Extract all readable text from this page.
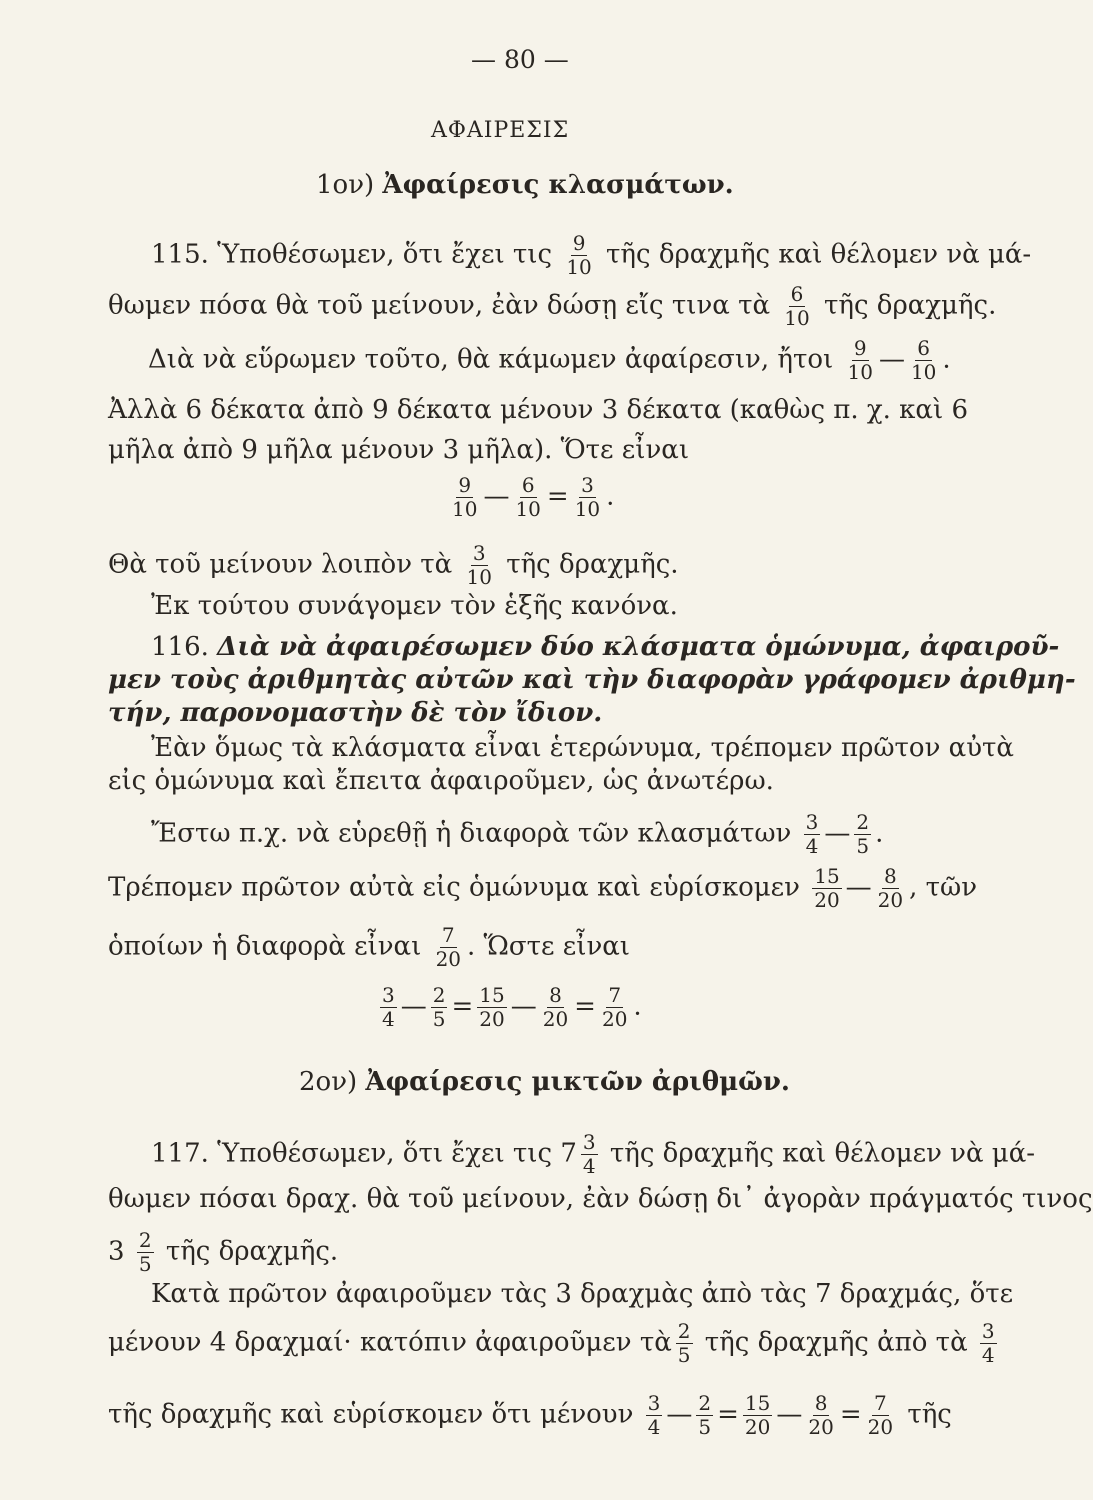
— 80 —
ΑΦΑΙΡΕΣΙΣ
1ον) Ἀφαίρεσις κλασμάτων.
115. Ὑποθέσωμεν, ὅτι ἔχει τις $\frac{9}{10}$ τῆς δραχμῆς καὶ θέλομεν νὰ μά-
θωμεν πόσα θὰ τοῦ μείνουν, ἐὰν δώσῃ εἴς τινα τὰ $\frac{6}{10}$ τῆς δραχμῆς.
Διὰ νὰ εὕρωμεν τοῦτο, θὰ κάμωμεν ἀφαίρεσιν, ἤτοι $\frac{9}{10}$ — $\frac{6}{10}$ .
Ἀλλὰ 6 δέκατα ἀπὸ 9 δέκατα μένουν 3 δέκατα (καθὼς π. χ. καὶ 6
μῆλα ἀπὸ 9 μῆλα μένουν 3 μῆλα). Ὅτε εἶναι
$\frac{9}{10}$ — $\frac{6}{10} = \frac{3}{10}$ .
Θὰ τοῦ μείνουν λοιπὸν τὰ $\frac{3}{10}$ τῆς δραχμῆς.
Ἐκ τούτου συνάγομεν τὸν ἑξῆς κανόνα.
116. Διὰ νὰ ἀφαιρέσωμεν δύο κλάσματα ὁμώνυμα, ἀφαιροῦ-
μεν τοὺς ἀριθμητὰς αὐτῶν καὶ τὴν διαφορὰν γράφομεν ἀριθμη-
τήν, παρονομαστὴν δὲ τὸν ἴδιον.
Ἐὰν ὅμως τὰ κλάσματα εἶναι ἑτερώνυμα, τρέπομεν πρῶτον αὐτὰ
εἰς ὁμώνυμα καὶ ἔπειτα ἀφαιροῦμεν, ὡς ἀνωτέρω.
Ἔστω π.χ. νὰ εὑρεθῇ ἡ διαφορὰ τῶν κλασμάτων $\frac{3}{4}$ — $\frac{2}{5}$ .
Τρέπομεν πρῶτον αὐτὰ εἰς ὁμώνυμα καὶ εὑρίσκομεν $\frac{15}{20}$ — $\frac{8}{20}$ , τῶν
ὁποίων ἡ διαφορὰ εἶναι $\frac{7}{20}$ . Ὥστε εἶναι
$\frac{3}{4}$ — $\frac{2}{5} = \frac{15}{20}$ — $\frac{8}{20} = \frac{7}{20}$ .
2ον) Ἀφαίρεσις μικτῶν ἀριθμῶν.
117. Ὑποθέσωμεν, ὅτι ἔχει τις $7 \frac{3}{4}$ τῆς δραχμῆς καὶ θέλομεν νὰ μά-
θωμεν πόσαι δραχ. θὰ τοῦ μείνουν, ἐὰν δώσῃ δι᾽ ἀγορὰν πράγματός τινος
$3 \frac{2}{5}$ τῆς δραχμῆς.
Κατὰ πρῶτον ἀφαιροῦμεν τὰς 3 δραχμὰς ἀπὸ τὰς 7 δραχμάς, ὅτε
μένουν 4 δραχμαί· κατόπιν ἀφαιροῦμεν τὰ $\frac{2}{5}$ τῆς δραχμῆς ἀπὸ τὰ $\frac{3}{4}$
τῆς δραχμῆς καὶ εὑρίσκομεν ὅτι μένουν $\frac{3}{4}$ — $\frac{2}{5} = \frac{15}{20}$ — $\frac{8}{20} = \frac{7}{20}$ τῆς
